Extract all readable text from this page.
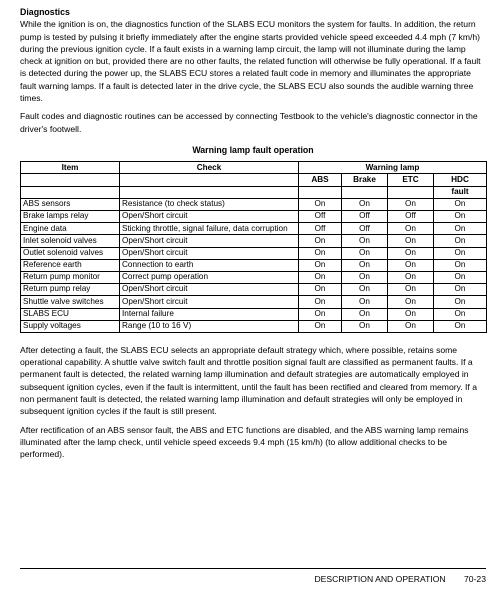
Diagnostics

While the ignition is on, the diagnostics function of the SLABS ECU monitors the system for faults. In addition, the return pump is tested by pulsing it briefly immediately after the engine starts provided vehicle speed exceeded 4.4 mph (7 km/h) during the previous ignition cycle. If a fault exists in a warning lamp circuit, the lamp will not illuminate during the lamp check at ignition on but, provided there are no other faults, the related function will otherwise be fully operational. If a fault is detected during the power up, the SLABS ECU stores a related fault code in memory and illuminates the appropriate fault warning lamps. If a fault is detected later in the drive cycle, the SLABS ECU also sounds the audible warning three times.

Fault codes and diagnostic routines can be accessed by connecting Testbook to the vehicle's diagnostic connector in the driver's footwell.

Warning lamp fault operation
Item	Check	Warning lamp			
		ABS	Brake	ETC	HDC
					fault
ABS sensors	Resistance (to check status)	On	On	On	On
Brake lamps relay	Open/Short circuit	Off	Off	Off	On
Engine data	Sticking throttle, signal failure, data corruption	Off	Off	On	On
Inlet solenoid valves	Open/Short circuit	On	On	On	On
Outlet solenoid valves	Open/Short circuit	On	On	On	On
Reference earth	Connection to earth	On	On	On	On
Return pump monitor	Correct pump operation	On	On	On	On
Return pump relay	Open/Short circuit	On	On	On	On
Shuttle valve switches	Open/Short circuit	On	On	On	On
SLABS ECU	Internal failure	On	On	On	On
Supply voltages	Range (10 to 16 V)	On	On	On	On

After detecting a fault, the SLABS ECU selects an appropriate default strategy which, where possible, retains some operational capability. A shuttle valve switch fault and throttle position signal fault are classified as permanent faults. If a permanent fault is detected, the related warning lamp illumination and default strategies are automatically employed in subsequent ignition cycles, even if the fault is intermittent, until the fault has been rectified and cleared from memory. If a non permanent fault is detected, the related warning lamp illumination and default strategies will only be employed in subsequent ignition cycles if the fault is still present.

After rectification of an ABS sensor fault, the ABS and ETC functions are disabled, and the ABS warning lamp remains illuminated after the lamp check, until vehicle speed exceeds 9.4 mph (15 km/h) (to allow additional checks to be performed).

DESCRIPTION AND OPERATION 70-23
